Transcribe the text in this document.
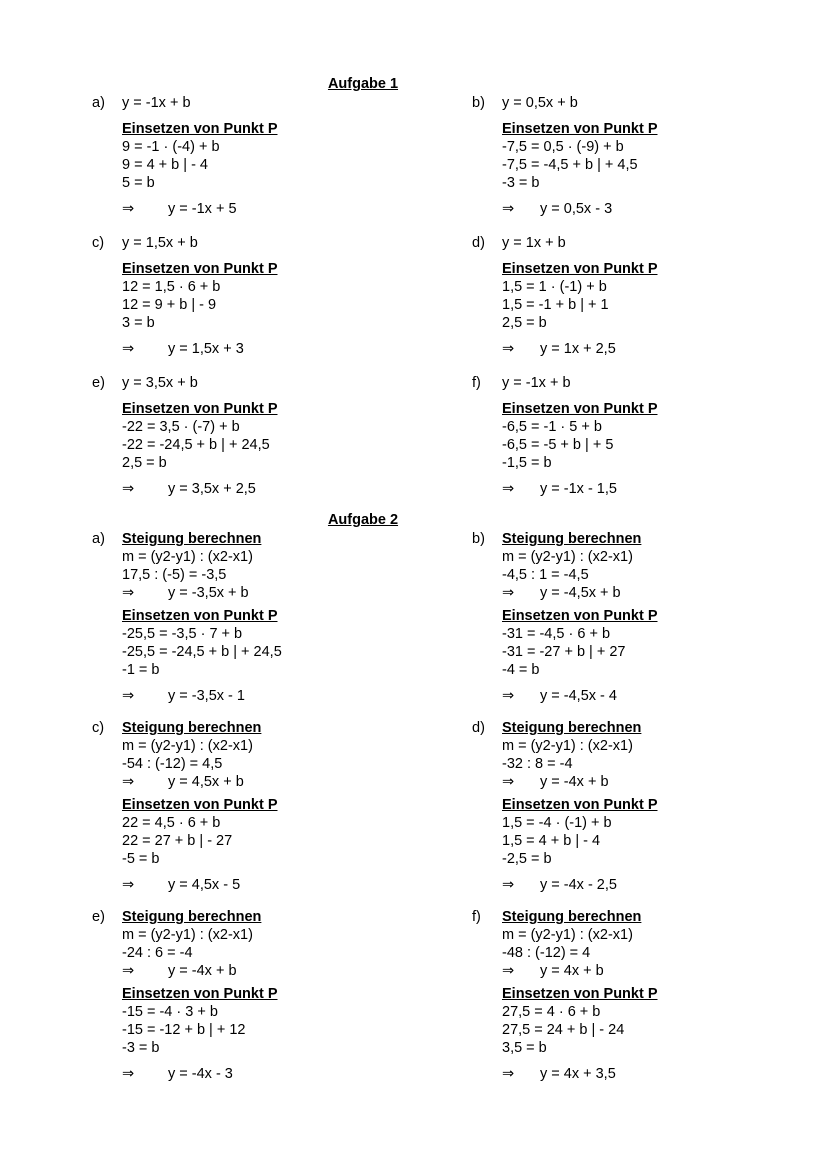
Aufgabe 1
a) y = -1x + b
Einsetzen von Punkt P
9 = -1 · (-4) + b
9 = 4 + b | - 4
5 = b
⇒ y = -1x + 5
b) y = 0,5x + b
Einsetzen von Punkt P
-7,5 = 0,5 · (-9) + b
-7,5 = -4,5 + b | + 4,5
-3 = b
⇒ y = 0,5x - 3
c) y = 1,5x + b
Einsetzen von Punkt P
12 = 1,5 · 6 + b
12 = 9 + b | - 9
3 = b
⇒ y = 1,5x + 3
d) y = 1x + b
Einsetzen von Punkt P
1,5 = 1 · (-1) + b
1,5 = -1 + b | + 1
2,5 = b
⇒ y = 1x + 2,5
e) y = 3,5x + b
Einsetzen von Punkt P
-22 = 3,5 · (-7) + b
-22 = -24,5 + b | + 24,5
2,5 = b
⇒ y = 3,5x + 2,5
f) y = -1x + b
Einsetzen von Punkt P
-6,5 = -1 · 5 + b
-6,5 = -5 + b | + 5
-1,5 = b
⇒ y = -1x - 1,5
Aufgabe 2
a) Steigung berechnen
m = (y2-y1) : (x2-x1)
17,5 : (-5) = -3,5
⇒ y = -3,5x + b
Einsetzen von Punkt P
-25,5 = -3,5 · 7 + b
-25,5 = -24,5 + b | + 24,5
-1 = b
⇒ y = -3,5x - 1
b) Steigung berechnen
m = (y2-y1) : (x2-x1)
-4,5 : 1 = -4,5
⇒ y = -4,5x + b
Einsetzen von Punkt P
-31 = -4,5 · 6 + b
-31 = -27 + b | + 27
-4 = b
⇒ y = -4,5x - 4
c) Steigung berechnen
m = (y2-y1) : (x2-x1)
-54 : (-12) = 4,5
⇒ y = 4,5x + b
Einsetzen von Punkt P
22 = 4,5 · 6 + b
22 = 27 + b | - 27
-5 = b
⇒ y = 4,5x - 5
d) Steigung berechnen
m = (y2-y1) : (x2-x1)
-32 : 8 = -4
⇒ y = -4x + b
Einsetzen von Punkt P
1,5 = -4 · (-1) + b
1,5 = 4 + b | - 4
-2,5 = b
⇒ y = -4x - 2,5
e) Steigung berechnen
m = (y2-y1) : (x2-x1)
-24 : 6 = -4
⇒ y = -4x + b
Einsetzen von Punkt P
-15 = -4 · 3 + b
-15 = -12 + b | + 12
-3 = b
⇒ y = -4x - 3
f) Steigung berechnen
m = (y2-y1) : (x2-x1)
-48 : (-12) = 4
⇒ y = 4x + b
Einsetzen von Punkt P
27,5 = 4 · 6 + b
27,5 = 24 + b | - 24
3,5 = b
⇒ y = 4x + 3,5
